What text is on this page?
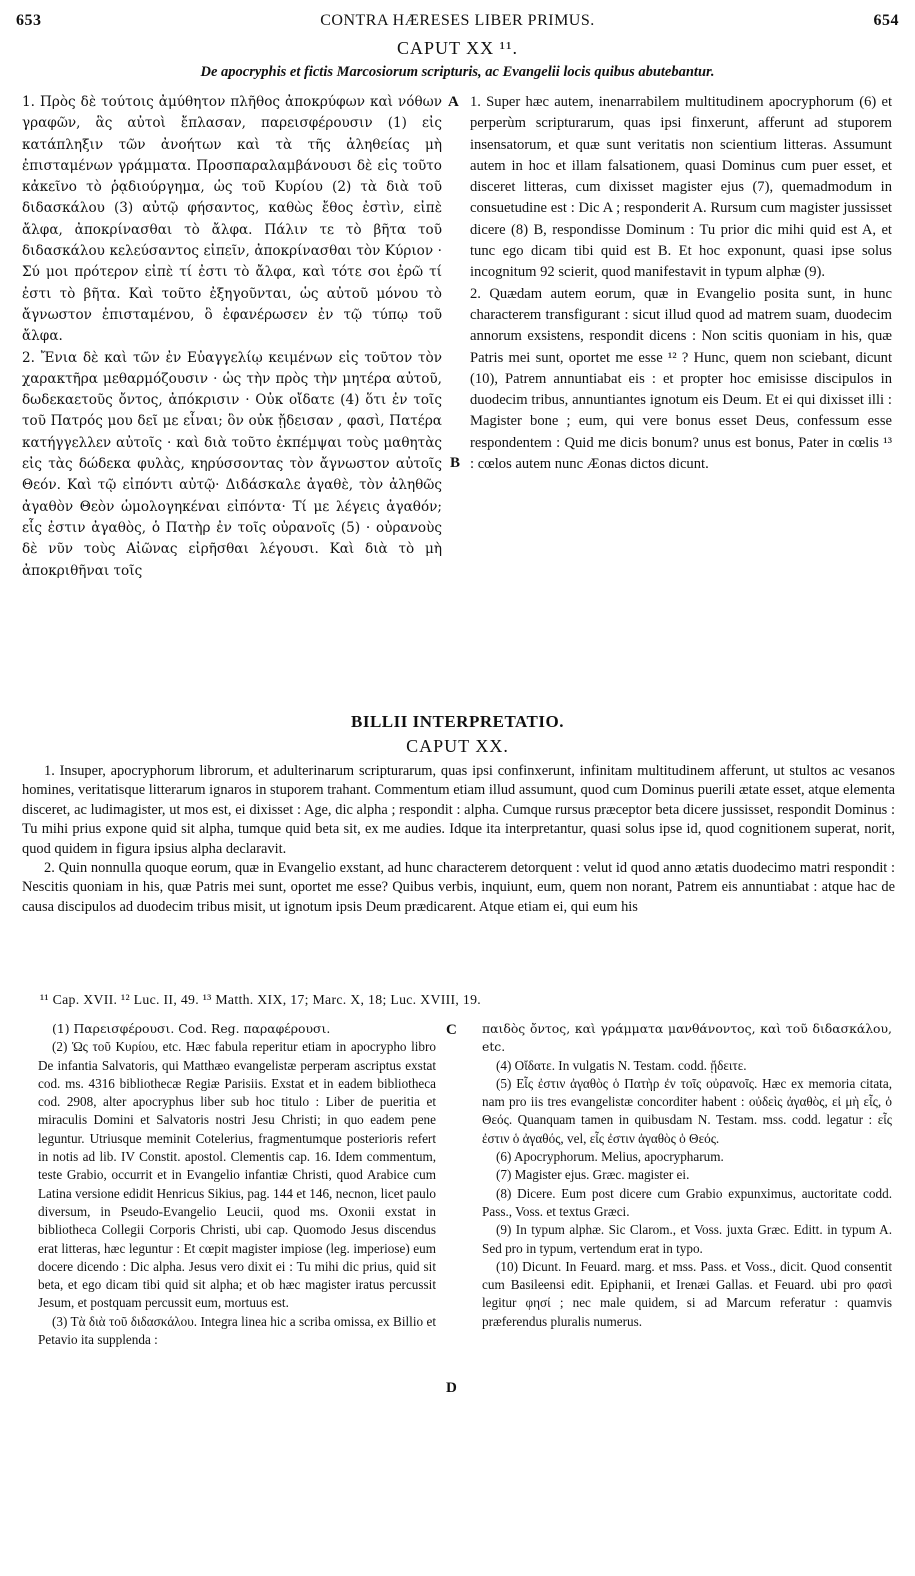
653	CONTRA HÆRESES LIBER PRIMUS.	654
CAPUT XX ¹¹.
De apocryphis et fictis Marcosiorum scripturis, ac Evangelii locis quibus abutebantur.

1. Πρὸς δὲ τούτοις ἀμύθητον πλῆθος ἀποκρύφων καὶ νόθων γραφῶν, ἃς αὐτοὶ ἔπλασαν, παρεισφέρουσιν (1) εἰς κατάπληξιν τῶν ἀνοήτων καὶ τὰ τῆς ἀληθείας μὴ ἐπισταμένων γράμματα. Προσπαραλαμβάνουσι δὲ εἰς τοῦτο κἀκεῖνο τὸ ῥᾳδιούργημα, ὡς τοῦ Κυρίου (2) τὰ διὰ τοῦ διδασκάλου (3) αὐτῷ φήσαντος, καθὼς ἔθος ἐστὶν, εἰπὲ ἄλφα, ἀποκρίνασθαι τὸ ἄλφα. Πάλιν τε τὸ βῆτα τοῦ διδασκάλου κελεύσαντος εἰπεῖν, ἀποκρίνασθαι τὸν Κύριον · Σύ μοι πρότερον εἰπὲ τί ἐστι τὸ ἄλφα, καὶ τότε σοι ἐρῶ τί ἐστι τὸ βῆτα. Καὶ τοῦτο ἐξηγοῦνται, ὡς αὐτοῦ μόνου τὸ ἄγνωστον ἐπισταμένου, ὃ ἐφανέρωσεν ἐν τῷ τύπῳ τοῦ ἄλφα.

2. Ἔνια δὲ καὶ τῶν ἐν Εὐαγγελίῳ κειμένων εἰς τοῦτον τὸν χαρακτῆρα μεθαρμόζουσιν · ὡς τὴν πρὸς τὴν μητέρα αὐτοῦ, δωδεκαετοῦς ὄντος, ἀπόκρισιν · Οὐκ οἴδατε (4) ὅτι ἐν τοῖς τοῦ Πατρός μου δεῖ με εἶναι; ὃν οὐκ ᾔδεισαν , φασὶ, Πατέρα κατήγγελλεν αὐτοῖς · καὶ διὰ τοῦτο ἐκπέμψαι τοὺς μαθητὰς εἰς τὰς δώδεκα φυλὰς, κηρύσσοντας τὸν ἄγνωστον αὐτοῖς Θεόν. Καὶ τῷ εἰπόντι αὐτῷ· Διδάσκαλε ἀγαθὲ, τὸν ἀληθῶς ἀγαθὸν Θεὸν ὡμολογηκέναι εἰπόντα· Τί με λέγεις ἀγαθόν; εἷς ἐστιν ἀγαθὸς, ὁ Πατὴρ ἐν τοῖς οὐρανοῖς (5) · οὐρανοὺς δὲ νῦν τοὺς Αἰῶνας εἰρῆσθαι λέγουσι. Καὶ διὰ τὸ μὴ ἀποκριθῆναι τοῖς

1. Super hæc autem, inenarrabilem multitudinem apocryphorum (6) et perperùm scripturarum, quas ipsi finxerunt, afferunt ad stuporem insensatorum, et quæ sunt veritatis non scientium litteras. Assumunt autem in hoc et illam falsationem, quasi Dominus cum puer esset, et disceret litteras, cum dixisset magister ejus (7), quemadmodum in consuetudine est : Dic A ; responderit A. Rursum cum magister jussisset dicere (8) B, respondisse Dominum : Tu prior dic mihi quid est A, et tunc ego dicam tibi quid est B. Et hoc exponunt, quasi ipse solus incognitum 92 scierit, quod manifestavit in typum alphæ (9).

2. Quædam autem eorum, quæ in Evangelio posita sunt, in hunc characterem transfigurant : sicut illud quod ad matrem suam, duodecim annorum exsistens, respondit dicens : Non scitis quoniam in his, quæ Patris mei sunt, oportet me esse ¹² ? Hunc, quem non sciebant, dicunt (10), Patrem annuntiabat eis : et propter hoc emisisse discipulos in duodecim tribus, annuntiantes ignotum eis Deum. Et ei qui dixisset illi : Magister bone ; eum, qui vere bonus esset Deus, confessum esse respondentem : Quid me dicis bonum? unus est bonus, Pater in cœlis ¹³ : cœlos autem nunc Æonas dictos dicunt.

A
B
C
D
BILLII INTERPRETATIO.
CAPUT XX.

1. Insuper, apocryphorum librorum, et adulterinarum scripturarum, quas ipsi confinxerunt, infinitam multitudinem afferunt, ut stultos ac vesanos homines, veritatisque litterarum ignaros in stuporem trahant. Commentum etiam illud assumunt, quod cum Dominus puerili ætate esset, atque elementa disceret, ac ludimagister, ut mos est, ei dixisset : Age, dic alpha ; respondit : alpha. Cumque rursus præceptor beta dicere jussisset, respondit Dominus : Tu mihi prius expone quid sit alpha, tumque quid beta sit, ex me audies. Idque ita interpretantur, quasi solus ipse id, quod cognitionem superat, norit, quod quidem in figura ipsius alpha declaravit.

2. Quin nonnulla quoque eorum, quæ in Evangelio exstant, ad hunc characterem detorquent : velut id quod anno ætatis duodecimo matri respondit : Nescitis quoniam in his, quæ Patris mei sunt, oportet me esse? Quibus verbis, inquiunt, eum, quem non norant, Patrem eis annuntiabat : atque hac de causa discipulos ad duodecim tribus misit, ut ignotum ipsis Deum prædicarent. Atque etiam ei, qui eum his

¹¹ Cap. XVII. ¹² Luc. II, 49. ¹³ Matth. XIX, 17; Marc. X, 18; Luc. XVIII, 19.

(1) Παρεισφέρουσι. Cod. Reg. παραφέρουσι.

(2) Ὡς τοῦ Κυρίου, etc. Hæc fabula reperitur etiam in apocrypho libro De infantia Salvatoris, qui Matthæo evangelistæ perperam ascriptus exstat cod. ms. 4316 bibliothecæ Regiæ Parisiis. Exstat et in eadem bibliotheca cod. 2908, alter apocryphus liber sub hoc titulo : Liber de pueritia et miraculis Domini et Salvatoris nostri Jesu Christi; in quo eadem pene leguntur. Utriusque meminit Cotelerius, fragmentumque posterioris refert in notis ad lib. IV Constit. apostol. Clementis cap. 16. Idem commentum, teste Grabio, occurrit et in Evangelio infantiæ Christi, quod Arabice cum Latina versione edidit Henricus Sikius, pag. 144 et 146, necnon, licet paulo diversum, in Pseudo-Evangelio Leucii, quod ms. Oxonii exstat in bibliotheca Collegii Corporis Christi, ubi cap. Quomodo Jesus discendus erat litteras, hæc leguntur : Et cœpit magister impiose (leg. imperiose) eum docere dicendo : Dic alpha. Jesus vero dixit ei : Tu mihi dic prius, quid sit beta, et ego dicam tibi quid sit alpha; et ob hæc magister iratus percussit Jesum, et postquam percussit eum, mortuus est.

(3) Τὰ διὰ τοῦ διδασκάλου. Integra linea hic a scriba omissa, ex Billio et Petavio ita supplenda :

παιδὸς ὄντος, καὶ γράμματα μανθάνοντος, καὶ τοῦ διδασκάλου, etc.

(4) Οἴδατε. In vulgatis N. Testam. codd. ᾔδειτε.

(5) Εἷς ἐστιν ἀγαθὸς ὁ Πατὴρ ἐν τοῖς οὐρανοῖς. Hæc ex memoria citata, nam pro iis tres evangelistæ concorditer habent : οὐδεὶς ἀγαθὸς, εἰ μὴ εἷς, ὁ Θεός. Quanquam tamen in quibusdam N. Testam. mss. codd. legatur : εἷς ἐστιν ὁ ἀγαθός, vel, εἷς ἐστιν ἀγαθὸς ὁ Θεός.

(6) Apocryphorum. Melius, apocrypharum.

(7) Magister ejus. Græc. magister ei.

(8) Dicere. Eum post dicere cum Grabio expunximus, auctoritate codd. Pass., Voss. et textus Græci.

(9) In typum alphæ. Sic Clarom., et Voss. juxta Græc. Editt. in typum A. Sed pro in typum, vertendum erat in typo.

(10) Dicunt. In Feuard. marg. et mss. Pass. et Voss., dicit. Quod consentit cum Basileensi edit. Epiphanii, et Irenæi Gallas. et Feuard. ubi pro φασὶ legitur φησί ; nec male quidem, si ad Marcum referatur : quamvis præferendus pluralis numerus.
